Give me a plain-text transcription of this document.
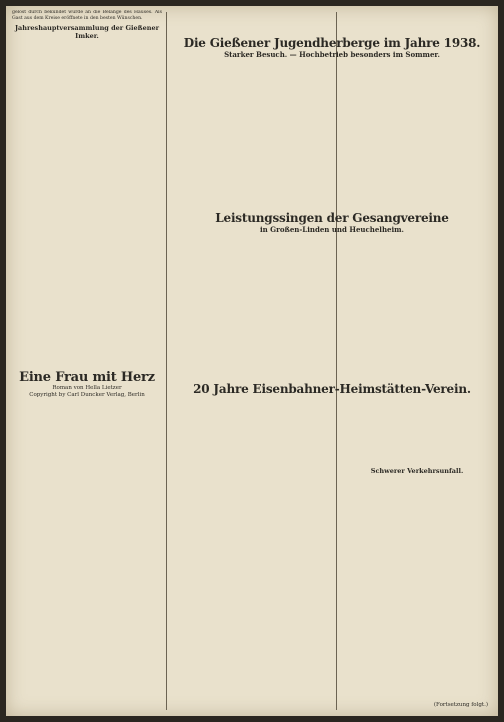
gelöst durch bekundet wurde an die Belange des Hauses. Als Gast aus dem Kreise eröffnete in den besten Wünschen.

Jahreshauptversammlung der Gießener Imker.
Eine Frau mit Herz
Roman von Hella Lietzer
Copyright by Carl Duncker Verlag, Berlin
Die Gießener Jugendherberge im Jahre 1938.
Starker Besuch. — Hochbetrieb besonders im Sommer.
Leistungssingen der Gesangvereine
in Großen-Linden und Heuchelheim.
20 Jahre Eisenbahner-Heimstätten-Verein.
Schwerer Verkehrsunfall.
(Fortsetzung folgt.)
